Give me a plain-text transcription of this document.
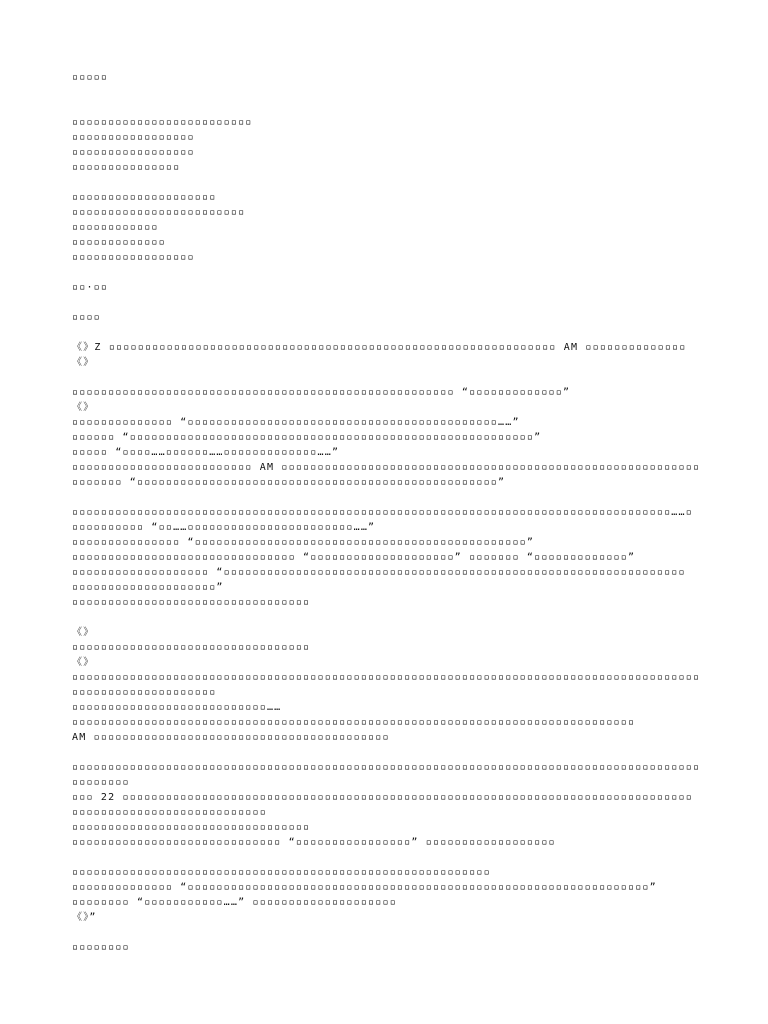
▫▫▫▫▫
▫▫▫▫▫▫▫▫▫▫▫▫▫▫▫▫▫▫▫▫▫▫▫▫▫
▫▫▫▫▫▫▫▫▫▫▫▫▫▫▫▫▫
▫▫▫▫▫▫▫▫▫▫▫▫▫▫▫▫▫
▫▫▫▫▫▫▫▫▫▫▫▫▫▫▫
▫▫▫▫▫▫▫▫▫▫▫▫▫▫▫▫▫▫▫▫
▫▫▫▫▫▫▫▫▫▫▫▫▫▫▫▫▫▫▫▫▫▫▫▫
▫▫▫▫▫▫▫▫▫▫▫▫
▫▫▫▫▫▫▫▫▫▫▫▫▫
▫▫▫▫▫▫▫▫▫▫▫▫▫▫▫▫▫
▫▫·▫▫
▫▫▫▫
《》Z ▫▫▫▫▫▫▫▫▫▫▫▫▫▫▫▫▫▫▫▫▫▫▫▫▫▫▫▫▫▫▫▫▫▫▫▫▫▫▫▫▫▫▫▫▫▫▫▫▫▫▫▫▫▫▫▫▫▫▫▫▫▫ AM ▫▫▫▫▫▫▫▫▫▫▫▫▫▫
《》
▫▫▫▫▫▫▫▫▫▫▫▫▫▫▫▫▫▫▫▫▫▫▫▫▫▫▫▫▫▫▫▫▫▫▫▫▫▫▫▫▫▫▫▫▫▫▫▫▫▫▫▫▫ “▫▫▫▫▫▫▫▫▫▫▫▫▫”
《》
▫▫▫▫▫▫▫▫▫▫▫▫▫▫ “▫▫▫▫▫▫▫▫▫▫▫▫▫▫▫▫▫▫▫▫▫▫▫▫▫▫▫▫▫▫▫▫▫▫▫▫▫▫▫▫▫▫▫……”
▫▫▫▫▫▫ “▫▫▫▫▫▫▫▫▫▫▫▫▫▫▫▫▫▫▫▫▫▫▫▫▫▫▫▫▫▫▫▫▫▫▫▫▫▫▫▫▫▫▫▫▫▫▫▫▫▫▫▫▫▫▫▫”
▫▫▫▫▫ “▫▫▫▫……▫▫▫▫▫▫……▫▫▫▫▫▫▫▫▫▫▫▫▫……”
▫▫▫▫▫▫▫▫▫▫▫▫▫▫▫▫▫▫▫▫▫▫▫▫▫ AM ▫▫▫▫▫▫▫▫▫▫▫▫▫▫▫▫▫▫▫▫▫▫▫▫▫▫▫▫▫▫▫▫▫▫▫▫▫▫▫▫▫▫▫▫▫▫▫▫▫▫▫▫▫▫▫▫▫▫
▫▫▫▫▫▫▫ “▫▫▫▫▫▫▫▫▫▫▫▫▫▫▫▫▫▫▫▫▫▫▫▫▫▫▫▫▫▫▫▫▫▫▫▫▫▫▫▫▫▫▫▫▫▫▫▫▫▫”
▫▫▫▫▫▫▫▫▫▫▫▫▫▫▫▫▫▫▫▫▫▫▫▫▫▫▫▫▫▫▫▫▫▫▫▫▫▫▫▫▫▫▫▫▫▫▫▫▫▫▫▫▫▫▫▫▫▫▫▫▫▫▫▫▫▫▫▫▫▫▫▫▫▫▫▫▫▫▫▫▫▫▫……▫
▫▫▫▫▫▫▫▫▫▫ “▫▫……▫▫▫▫▫▫▫▫▫▫▫▫▫▫▫▫▫▫▫▫▫▫▫……”
▫▫▫▫▫▫▫▫▫▫▫▫▫▫▫ “▫▫▫▫▫▫▫▫▫▫▫▫▫▫▫▫▫▫▫▫▫▫▫▫▫▫▫▫▫▫▫▫▫▫▫▫▫▫▫▫▫▫▫▫▫▫”
▫▫▫▫▫▫▫▫▫▫▫▫▫▫▫▫▫▫▫▫▫▫▫▫▫▫▫▫▫▫▫ “▫▫▫▫▫▫▫▫▫▫▫▫▫▫▫▫▫▫▫▫” ▫▫▫▫▫▫▫ “▫▫▫▫▫▫▫▫▫▫▫▫▫”
▫▫▫▫▫▫▫▫▫▫▫▫▫▫▫▫▫▫▫ “▫▫▫▫▫▫▫▫▫▫▫▫▫▫▫▫▫▫▫▫▫▫▫▫▫▫▫▫▫▫▫▫▫▫▫▫▫▫▫▫▫▫▫▫▫▫▫▫▫▫▫▫▫▫▫▫▫▫▫▫▫▫▫▫
▫▫▫▫▫▫▫▫▫▫▫▫▫▫▫▫▫▫▫▫”
▫▫▫▫▫▫▫▫▫▫▫▫▫▫▫▫▫▫▫▫▫▫▫▫▫▫▫▫▫▫▫▫▫
《》
▫▫▫▫▫▫▫▫▫▫▫▫▫▫▫▫▫▫▫▫▫▫▫▫▫▫▫▫▫▫▫▫▫
《》
▫▫▫▫▫▫▫▫▫▫▫▫▫▫▫▫▫▫▫▫▫▫▫▫▫▫▫▫▫▫▫▫▫▫▫▫▫▫▫▫▫▫▫▫▫▫▫▫▫▫▫▫▫▫▫▫▫▫▫▫▫▫▫▫▫▫▫▫▫▫▫▫▫▫▫▫▫▫▫▫▫▫▫▫▫▫▫
▫▫▫▫▫▫▫▫▫▫▫▫▫▫▫▫▫▫▫▫
▫▫▫▫▫▫▫▫▫▫▫▫▫▫▫▫▫▫▫▫▫▫▫▫▫▫▫……
▫▫▫▫▫▫▫▫▫▫▫▫▫▫▫▫▫▫▫▫▫▫▫▫▫▫▫▫▫▫▫▫▫▫▫▫▫▫▫▫▫▫▫▫▫▫▫▫▫▫▫▫▫▫▫▫▫▫▫▫▫▫▫▫▫▫▫▫▫▫▫▫▫▫▫▫▫▫
AM ▫▫▫▫▫▫▫▫▫▫▫▫▫▫▫▫▫▫▫▫▫▫▫▫▫▫▫▫▫▫▫▫▫▫▫▫▫▫▫▫▫
▫▫▫▫▫▫▫▫▫▫▫▫▫▫▫▫▫▫▫▫▫▫▫▫▫▫▫▫▫▫▫▫▫▫▫▫▫▫▫▫▫▫▫▫▫▫▫▫▫▫▫▫▫▫▫▫▫▫▫▫▫▫▫▫▫▫▫▫▫▫▫▫▫▫▫▫▫▫▫▫▫▫▫▫▫▫▫
▫▫▫▫▫▫▫▫
▫▫▫ 22 ▫▫▫▫▫▫▫▫▫▫▫▫▫▫▫▫▫▫▫▫▫▫▫▫▫▫▫▫▫▫▫▫▫▫▫▫▫▫▫▫▫▫▫▫▫▫▫▫▫▫▫▫▫▫▫▫▫▫▫▫▫▫▫▫▫▫▫▫▫▫▫▫▫▫▫▫▫▫▫
▫▫▫▫▫▫▫▫▫▫▫▫▫▫▫▫▫▫▫▫▫▫▫▫▫▫▫
▫▫▫▫▫▫▫▫▫▫▫▫▫▫▫▫▫▫▫▫▫▫▫▫▫▫▫▫▫▫▫▫▫
▫▫▫▫▫▫▫▫▫▫▫▫▫▫▫▫▫▫▫▫▫▫▫▫▫▫▫▫▫ “▫▫▫▫▫▫▫▫▫▫▫▫▫▫▫▫” ▫▫▫▫▫▫▫▫▫▫▫▫▫▫▫▫▫▫
▫▫▫▫▫▫▫▫▫▫▫▫▫▫▫▫▫▫▫▫▫▫▫▫▫▫▫▫▫▫▫▫▫▫▫▫▫▫▫▫▫▫▫▫▫▫▫▫▫▫▫▫▫▫▫▫▫▫
▫▫▫▫▫▫▫▫▫▫▫▫▫▫ “▫▫▫▫▫▫▫▫▫▫▫▫▫▫▫▫▫▫▫▫▫▫▫▫▫▫▫▫▫▫▫▫▫▫▫▫▫▫▫▫▫▫▫▫▫▫▫▫▫▫▫▫▫▫▫▫▫▫▫▫▫▫▫▫”
▫▫▫▫▫▫▫▫ “▫▫▫▫▫▫▫▫▫▫▫……” ▫▫▫▫▫▫▫▫▫▫▫▫▫▫▫▫▫▫▫▫
《》”
▫▫▫▫▫▫▫▫
